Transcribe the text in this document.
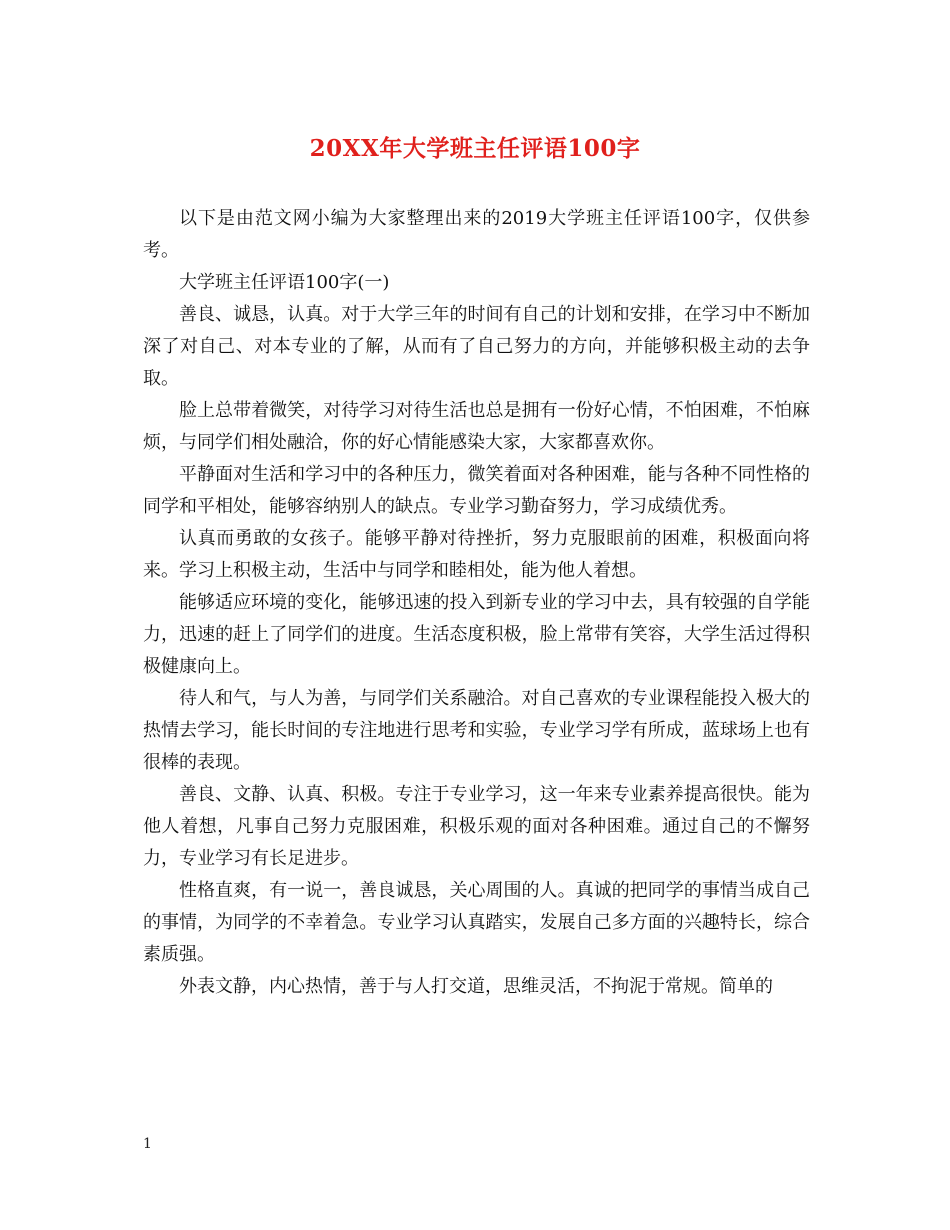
20XX年大学班主任评语100字

以下是由范文网小编为大家整理出来的2019大学班主任评语100字，仅供参考。

大学班主任评语100字(一)

善良、诚恳，认真。对于大学三年的时间有自己的计划和安排，在学习中不断加深了对自己、对本专业的了解，从而有了自己努力的方向，并能够积极主动的去争取。

脸上总带着微笑，对待学习对待生活也总是拥有一份好心情，不怕困难，不怕麻烦，与同学们相处融洽，你的好心情能感染大家，大家都喜欢你。

平静面对生活和学习中的各种压力，微笑着面对各种困难，能与各种不同性格的同学和平相处，能够容纳别人的缺点。专业学习勤奋努力，学习成绩优秀。

认真而勇敢的女孩子。能够平静对待挫折，努力克服眼前的困难，积极面向将来。学习上积极主动，生活中与同学和睦相处，能为他人着想。

能够适应环境的变化，能够迅速的投入到新专业的学习中去，具有较强的自学能力，迅速的赶上了同学们的进度。生活态度积极，脸上常带有笑容，大学生活过得积极健康向上。

待人和气，与人为善，与同学们关系融洽。对自己喜欢的专业课程能投入极大的热情去学习，能长时间的专注地进行思考和实验，专业学习学有所成，蓝球场上也有很棒的表现。

善良、文静、认真、积极。专注于专业学习，这一年来专业素养提高很快。能为他人着想，凡事自己努力克服困难，积极乐观的面对各种困难。通过自己的不懈努力，专业学习有长足进步。

性格直爽，有一说一，善良诚恳，关心周围的人。真诚的把同学的事情当成自己的事情，为同学的不幸着急。专业学习认真踏实，发展自己多方面的兴趣特长，综合素质强。

外表文静，内心热情，善于与人打交道，思维灵活，不拘泥于常规。简单的

1
